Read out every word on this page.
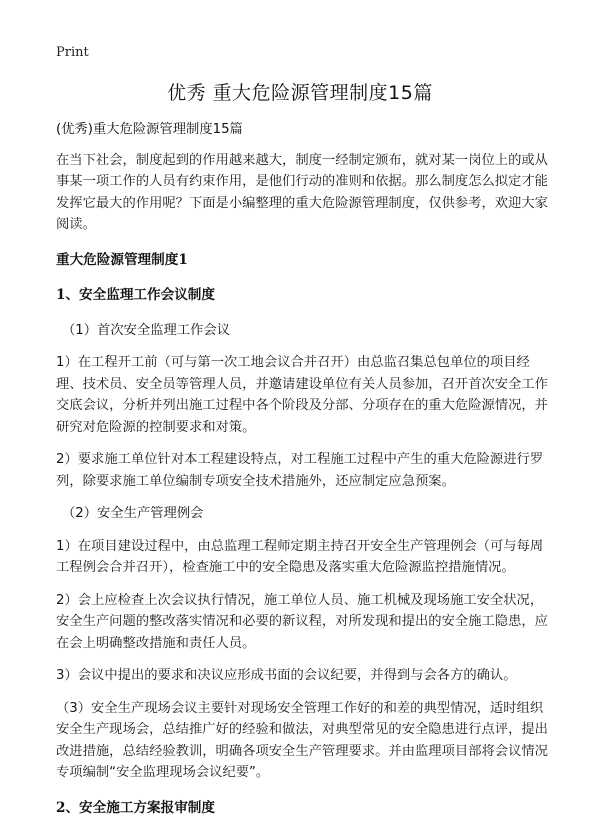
Print
优秀 重大危险源管理制度15篇
(优秀)重大危险源管理制度15篇
在当下社会，制度起到的作用越来越大，制度一经制定颁布，就对某一岗位上的或从事某一项工作的人员有约束作用，是他们行动的准则和依据。那么制度怎么拟定才能发挥它最大的作用呢？下面是小编整理的重大危险源管理制度，仅供参考，欢迎大家阅读。
重大危险源管理制度1
1、安全监理工作会议制度
（1）首次安全监理工作会议
1）在工程开工前（可与第一次工地会议合并召开）由总监召集总包单位的项目经理、技术员、安全员等管理人员，并邀请建设单位有关人员参加，召开首次安全工作交底会议，分析并列出施工过程中各个阶段及分部、分项存在的重大危险源情况，并研究对危险源的控制要求和对策。
2）要求施工单位针对本工程建设特点，对工程施工过程中产生的重大危险源进行罗列，除要求施工单位编制专项安全技术措施外，还应制定应急预案。
（2）安全生产管理例会
1）在项目建设过程中，由总监理工程师定期主持召开安全生产管理例会（可与每周工程例会合并召开），检查施工中的安全隐患及落实重大危险源监控措施情况。
2）会上应检查上次会议执行情况，施工单位人员、施工机械及现场施工安全状况，安全生产问题的整改落实情况和必要的新议程，对所发现和提出的安全施工隐患，应在会上明确整改措施和责任人员。
3）会议中提出的要求和决议应形成书面的会议纪要，并得到与会各方的确认。
（3）安全生产现场会议主要针对现场安全管理工作好的和差的典型情况，适时组织安全生产现场会，总结推广好的经验和做法，对典型常见的安全隐患进行点评，提出改进措施，总结经验教训，明确各项安全生产管理要求。并由监理项目部将会议情况专项编制“安全监理现场会议纪要”。
2、安全施工方案报审制度
